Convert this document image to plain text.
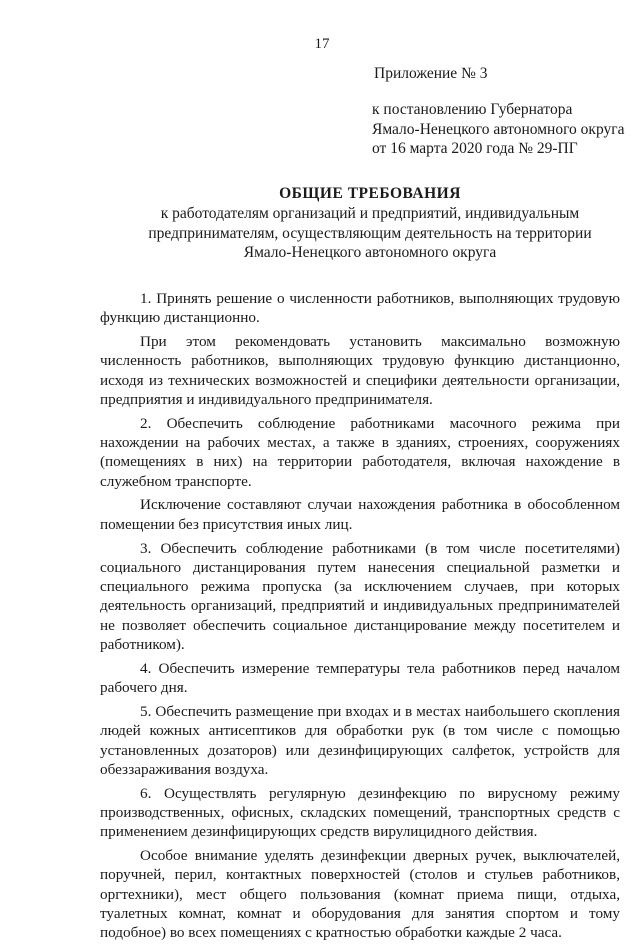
17
Приложение № 3
к постановлению Губернатора
Ямало-Ненецкого автономного округа
от 16 марта 2020 года № 29-ПГ
ОБЩИЕ ТРЕБОВАНИЯ
к работодателям организаций и предприятий, индивидуальным
предпринимателям, осуществляющим деятельность на территории
Ямало-Ненецкого автономного округа

1. Принять решение о численности работников, выполняющих трудовую функцию дистанционно.

При этом рекомендовать установить максимально возможную численность работников, выполняющих трудовую функцию дистанционно, исходя из технических возможностей и специфики деятельности организации, предприятия и индивидуального предпринимателя.

2. Обеспечить соблюдение работниками масочного режима при нахождении на рабочих местах, а также в зданиях, строениях, сооружениях (помещениях в них) на территории работодателя, включая нахождение в служебном транспорте.

Исключение составляют случаи нахождения работника в обособленном помещении без присутствия иных лиц.

3. Обеспечить соблюдение работниками (в том числе посетителями) социального дистанцирования путем нанесения специальной разметки и специального режима пропуска (за исключением случаев, при которых деятельность организаций, предприятий и индивидуальных предпринимателей не позволяет обеспечить социальное дистанцирование между посетителем и работником).

4. Обеспечить измерение температуры тела работников перед началом рабочего дня.

5. Обеспечить размещение при входах и в местах наибольшего скопления людей кожных антисептиков для обработки рук (в том числе с помощью установленных дозаторов) или дезинфицирующих салфеток, устройств для обеззараживания воздуха.

6. Осуществлять регулярную дезинфекцию по вирусному режиму производственных, офисных, складских помещений, транспортных средств с применением дезинфицирующих средств вирулицидного действия.

Особое внимание уделять дезинфекции дверных ручек, выключателей, поручней, перил, контактных поверхностей (столов и стульев работников, оргтехники), мест общего пользования (комнат приема пищи, отдыха, туалетных комнат, комнат и оборудования для занятия спортом и тому подобное) во всех помещениях с кратностью обработки каждые 2 часа.
